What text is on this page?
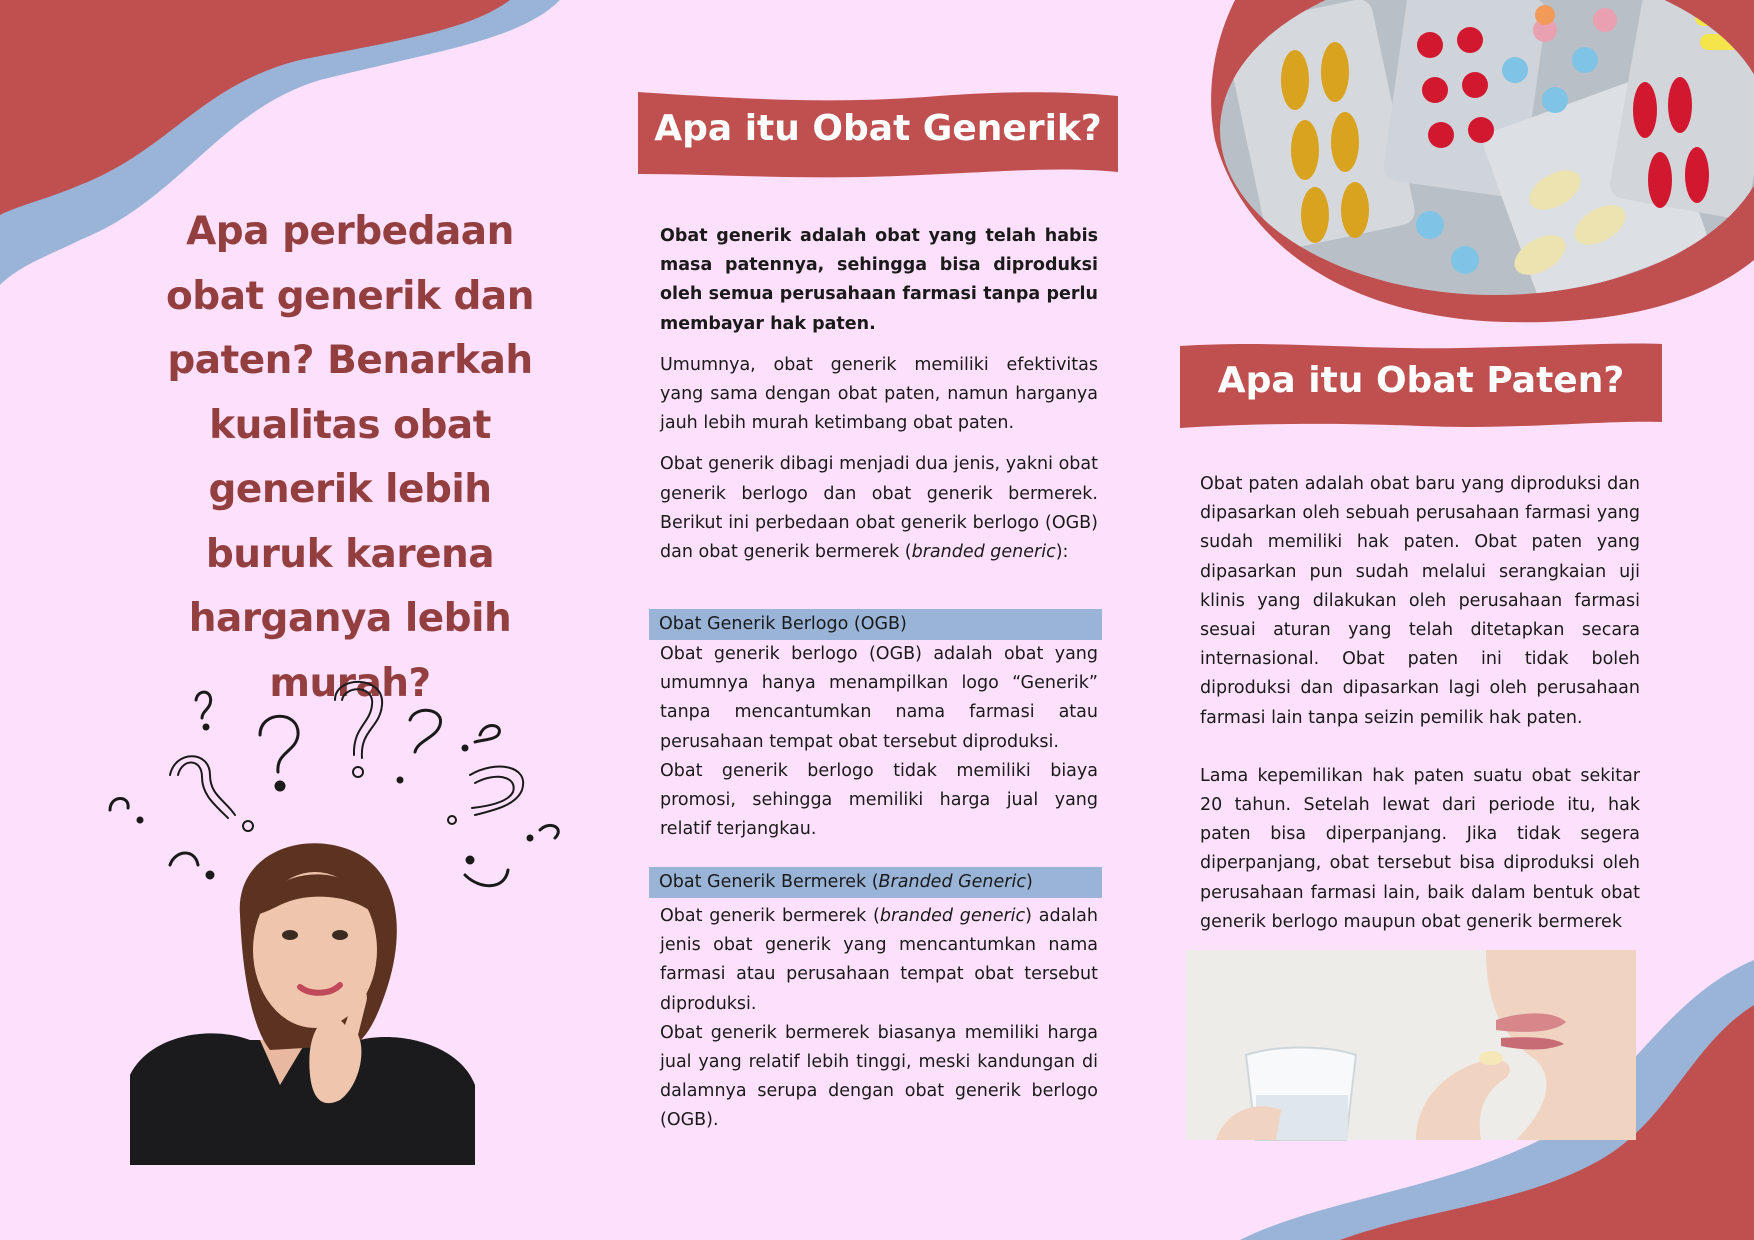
Apa perbedaan obat generik dan paten? Benarkah kualitas obat generik lebih buruk karena harganya lebih murah?
Apa itu Obat Generik?

Obat generik adalah obat yang telah habis masa patennya, sehingga bisa diproduksi oleh semua perusahaan farmasi tanpa perlu membayar hak paten.

Umumnya, obat generik memiliki efektivitas yang sama dengan obat paten, namun harganya jauh lebih murah ketimbang obat paten.

Obat generik dibagi menjadi dua jenis, yakni obat generik berlogo dan obat generik bermerek. Berikut ini perbedaan obat generik berlogo (OGB) dan obat generik bermerek (branded generic):

Obat Generik Berlogo (OGB)

Obat generik berlogo (OGB) adalah obat yang umumnya hanya menampilkan logo “Generik” tanpa mencantumkan nama farmasi atau perusahaan tempat obat tersebut diproduksi.

Obat generik berlogo tidak memiliki biaya promosi, sehingga memiliki harga jual yang relatif terjangkau.

Obat Generik Bermerek (Branded Generic)

Obat generik bermerek (branded generic) adalah jenis obat generik yang mencantumkan nama farmasi atau perusahaan tempat obat tersebut diproduksi.

Obat generik bermerek biasanya memiliki harga jual yang relatif lebih tinggi, meski kandungan di dalamnya serupa dengan obat generik berlogo (OGB).

Apa itu Obat Paten?

Obat paten adalah obat baru yang diproduksi dan dipasarkan oleh sebuah perusahaan farmasi yang sudah memiliki hak paten. Obat paten yang dipasarkan pun sudah melalui serangkaian uji klinis yang dilakukan oleh perusahaan farmasi sesuai aturan yang telah ditetapkan secara internasional. Obat paten ini tidak boleh diproduksi dan dipasarkan lagi oleh perusahaan farmasi lain tanpa seizin pemilik hak paten.

Lama kepemilikan hak paten suatu obat sekitar 20 tahun. Setelah lewat dari periode itu, hak paten bisa diperpanjang. Jika tidak segera diperpanjang, obat tersebut bisa diproduksi oleh perusahaan farmasi lain, baik dalam bentuk obat generik berlogo maupun obat generik bermerek
